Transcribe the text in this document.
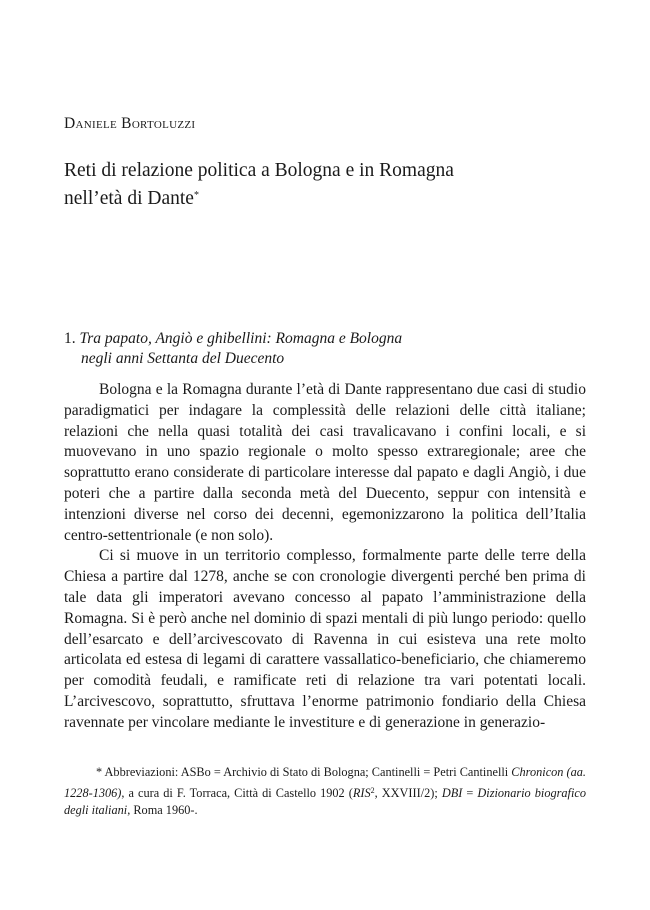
Daniele Bortoluzzi
Reti di relazione politica a Bologna e in Romagna
nell’età di Dante*
1. Tra papato, Angiò e ghibellini: Romagna e Bologna
negli anni Settanta del Duecento

Bologna e la Romagna durante l’età di Dante rappresentano due casi di studio paradigmatici per indagare la complessità delle relazioni delle città italiane; relazioni che nella quasi totalità dei casi travalicavano i confini locali, e si muovevano in uno spazio regionale o molto spesso extraregionale; aree che soprattutto erano considerate di particolare interesse dal papato e dagli Angiò, i due poteri che a partire dalla seconda metà del Duecento, seppur con intensità e intenzioni diverse nel corso dei decenni, egemonizzarono la politica dell’Italia centro-settentrionale (e non solo).

Ci si muove in un territorio complesso, formalmente parte delle terre della Chiesa a partire dal 1278, anche se con cronologie divergenti perché ben prima di tale data gli imperatori avevano concesso al papato l’amministrazione della Romagna. Si è però anche nel dominio di spazi mentali di più lungo periodo: quello dell’esarcato e dell’arcivescovato di Ravenna in cui esisteva una rete molto articolata ed estesa di legami di carattere vassallatico-beneficiario, che chiameremo per comodità feudali, e ramificate reti di relazione tra vari potentati locali. L’arcivescovo, soprattutto, sfruttava l’enorme patrimonio fondiario della Chiesa ravennate per vincolare mediante le investiture e di generazione in generazio-

* Abbreviazioni: ASBo = Archivio di Stato di Bologna; Cantinelli = Petri Cantinelli Chronicon (aa. 1228-1306), a cura di F. Torraca, Città di Castello 1902 (RIS$^2$, XXVIII/2); DBI = Dizionario biografico degli italiani, Roma 1960-.
